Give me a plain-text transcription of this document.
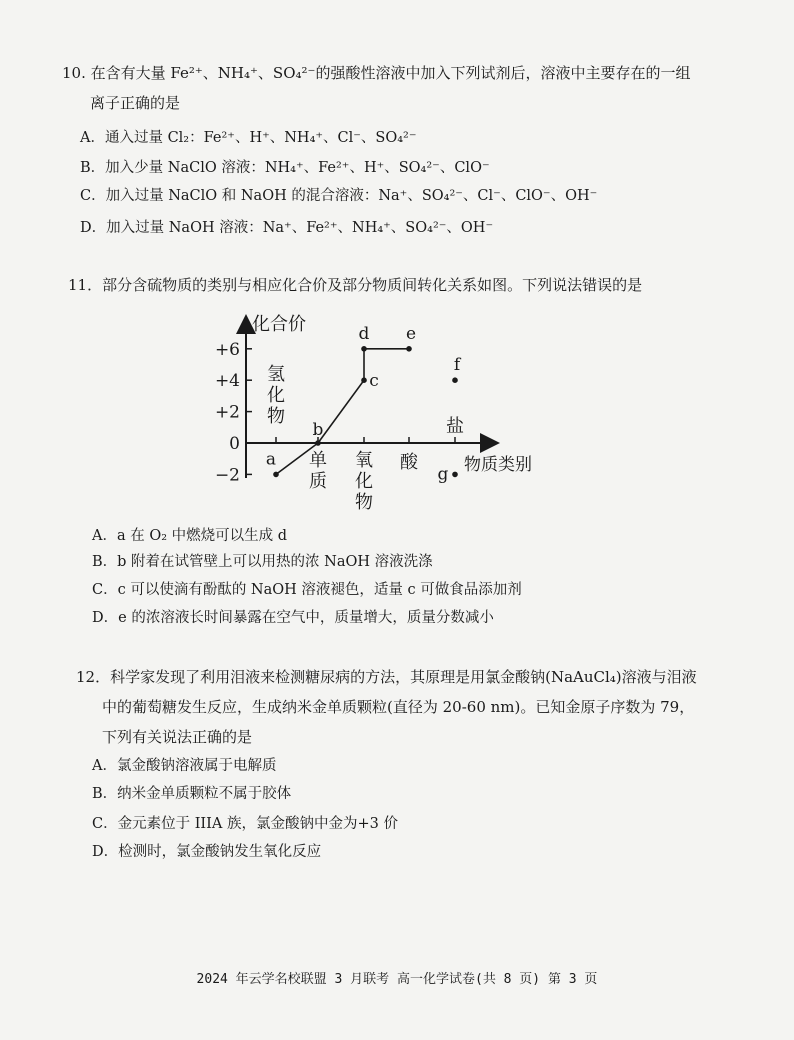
10. 在含有大量 Fe²⁺、NH₄⁺、SO₄²⁻的强酸性溶液中加入下列试剂后，溶液中主要存在的一组
离子正确的是
A．通入过量 Cl₂：Fe²⁺、H⁺、NH₄⁺、Cl⁻、SO₄²⁻
B．加入少量 NaClO 溶液：NH₄⁺、Fe²⁺、H⁺、SO₄²⁻、ClO⁻
C．加入过量 NaClO 和 NaOH 的混合溶液：Na⁺、SO₄²⁻、Cl⁻、ClO⁻、OH⁻
D．加入过量 NaOH 溶液：Na⁺、Fe²⁺、NH₄⁺、SO₄²⁻、OH⁻
11．部分含硫物质的类别与相应化合价及部分物质间转化关系如图。下列说法错误的是
化合价
物质类别
+6
+4
+2
0
−2
氢化物
单质
氧化物
酸
盐
a
b
c
d e
f
g
A．a 在 O₂ 中燃烧可以生成 d
B．b 附着在试管壁上可以用热的浓 NaOH 溶液洗涤
C．c 可以使滴有酚酞的 NaOH 溶液褪色，适量 c 可做食品添加剂
D．e 的浓溶液长时间暴露在空气中，质量增大，质量分数减小
12．科学家发现了利用泪液来检测糖尿病的方法，其原理是用氯金酸钠(NaAuCl₄)溶液与泪液
中的葡萄糖发生反应，生成纳米金单质颗粒(直径为 20-60 nm)。已知金原子序数为 79，
下列有关说法正确的是
A．氯金酸钠溶液属于电解质
B．纳米金单质颗粒不属于胶体
C．金元素位于 IIIA 族，氯金酸钠中金为+3 价
D．检测时，氯金酸钠发生氧化反应
2024 年云学名校联盟 3 月联考 高一化学试卷(共 8 页) 第 3 页
